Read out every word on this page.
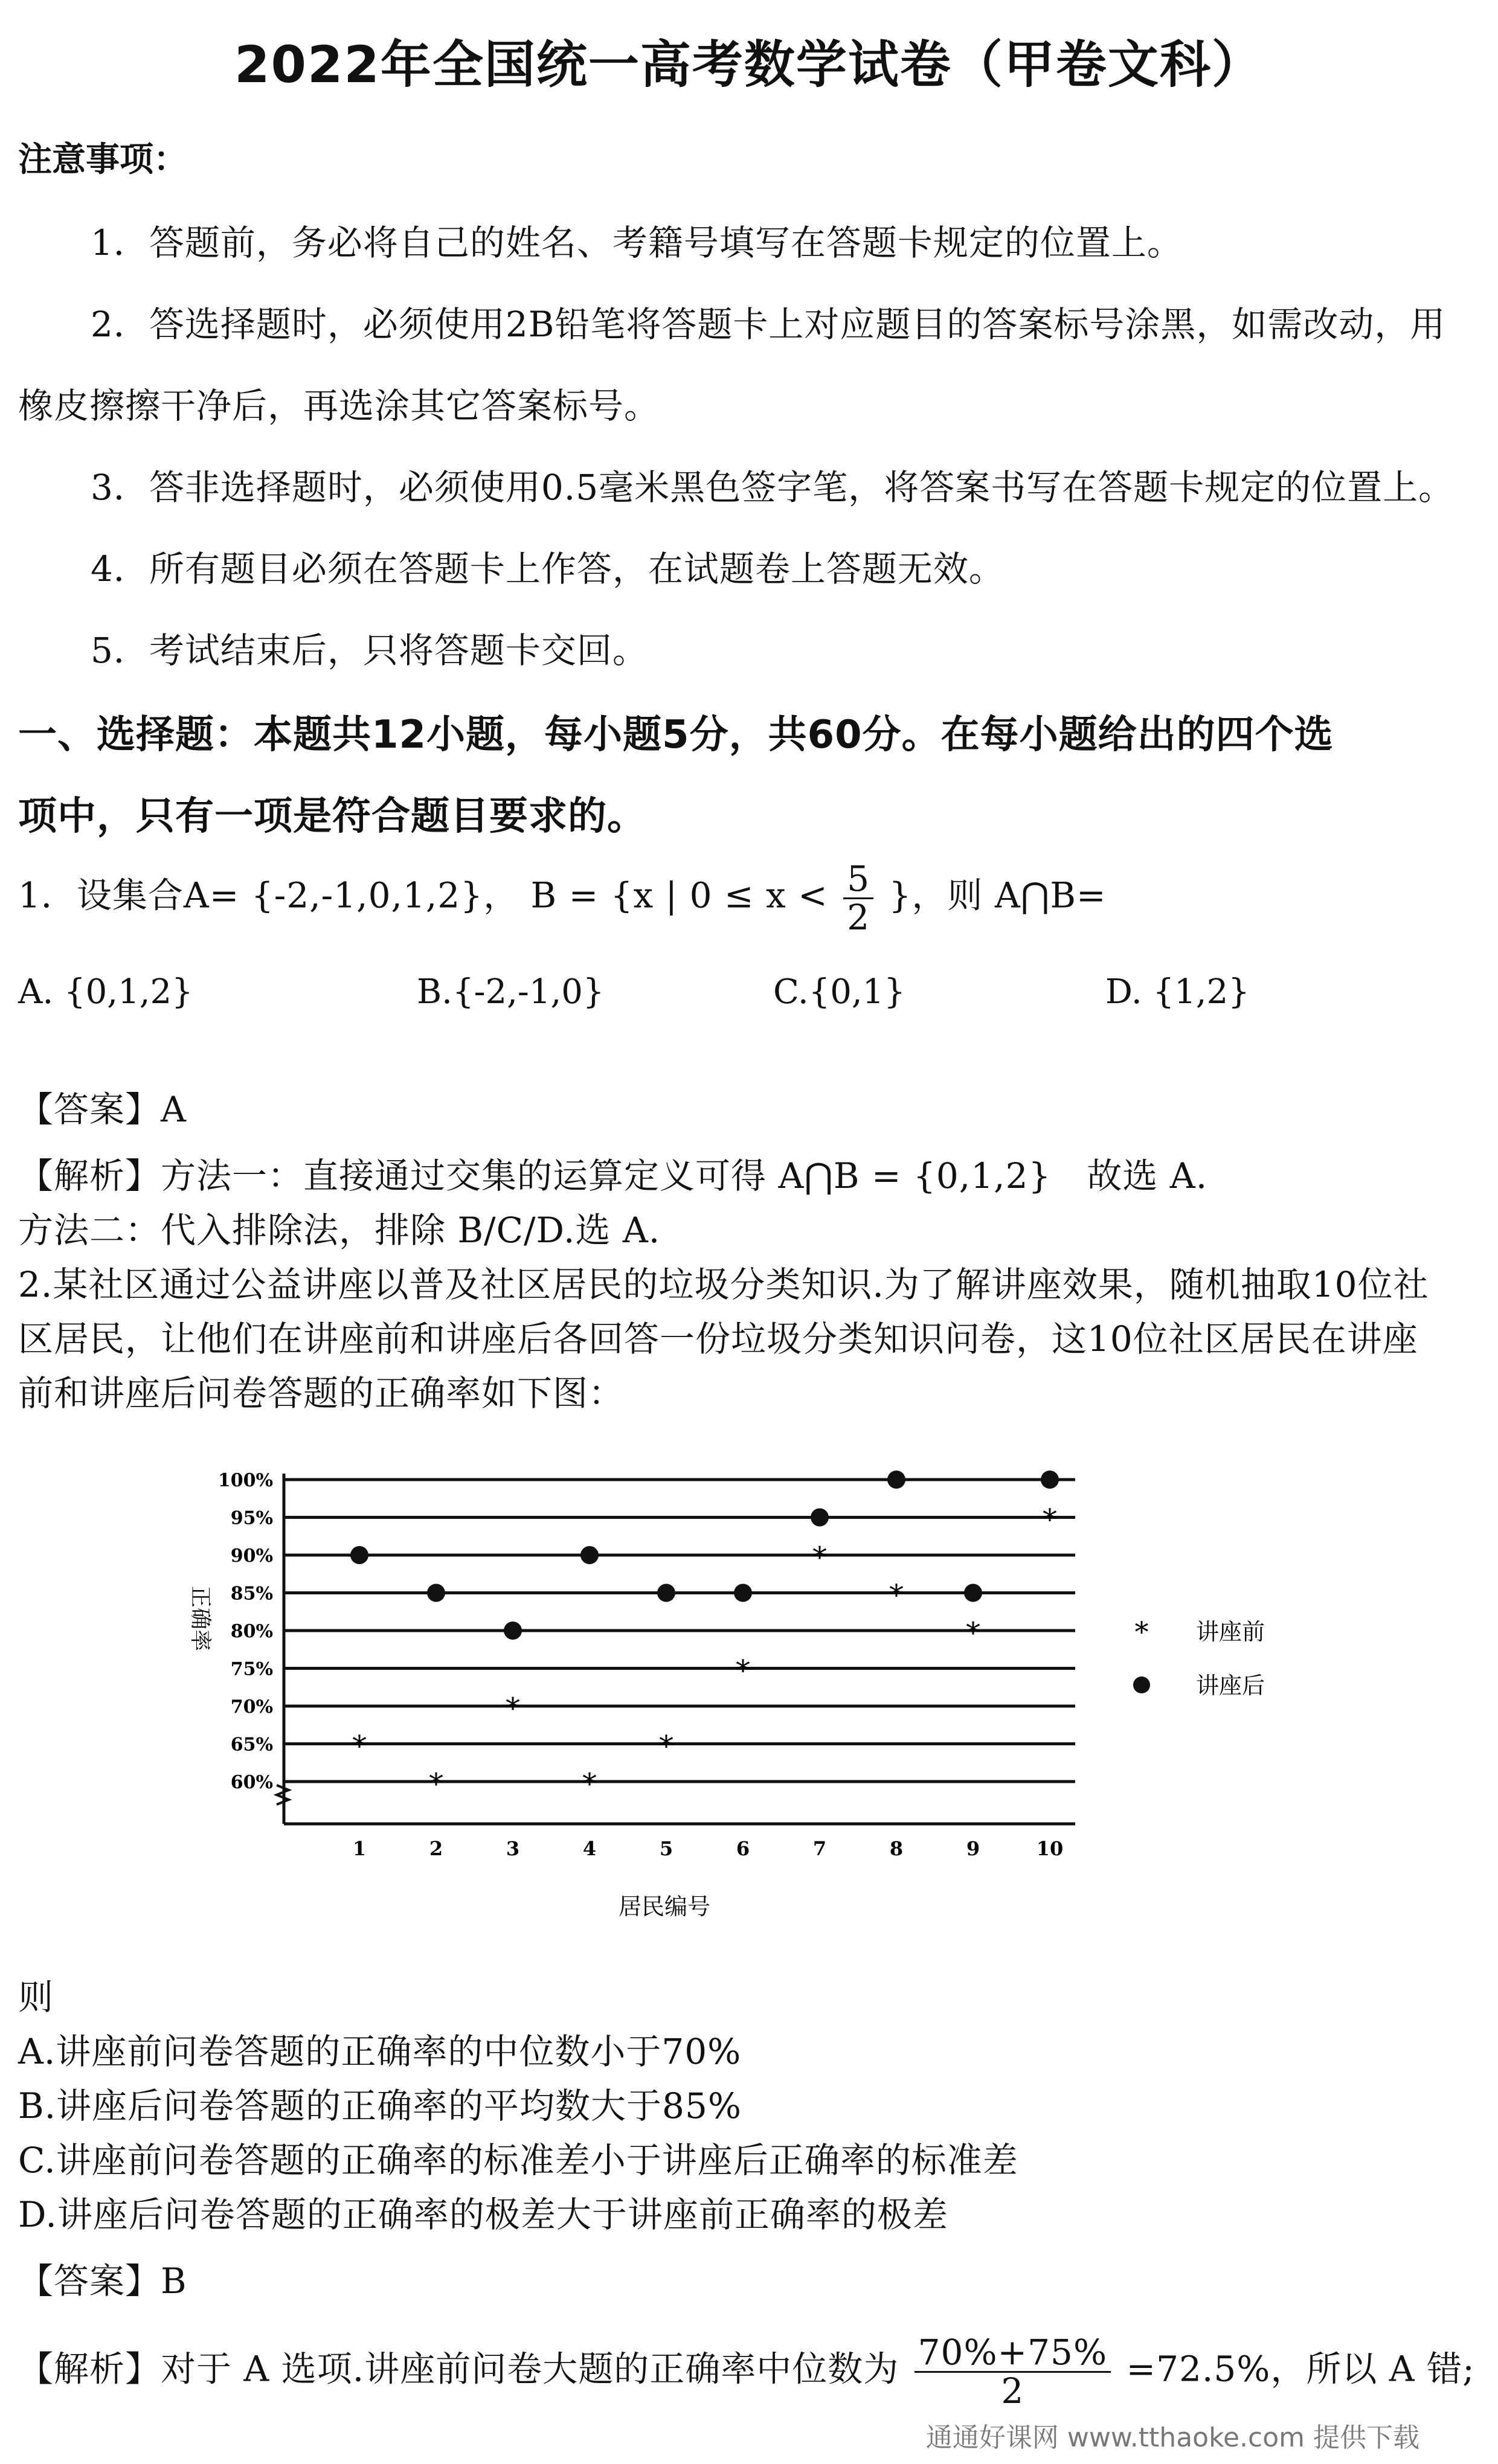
2022年全国统一高考数学试卷（甲卷文科）
注意事项：
1．答题前，务必将自己的姓名、考籍号填写在答题卡规定的位置上。
2．答选择题时，必须使用2B铅笔将答题卡上对应题目的答案标号涂黑，如需改动，用
橡皮擦擦干净后，再选涂其它答案标号。
3．答非选择题时，必须使用0.5毫米黑色签字笔，将答案书写在答题卡规定的位置上。
4．所有题目必须在答题卡上作答，在试题卷上答题无效。
5．考试结束后，只将答题卡交回。
一、选择题：本题共12小题，每小题5分，共60分。在每小题给出的四个选
项中，只有一项是符合题目要求的。
1．设集合A= {-2,-1,0,1,2}， B = {x | $0 \le x < \frac{5}{2}$ }，则 A⋂B=
A. {0,1,2}	B.{-2,-1,0}	C.{0,1}	D. {1,2}
【答案】A
【解析】方法一：直接通过交集的运算定义可得 A⋂B = {0,1,2}　故选 A.
方法二：代入排除法，排除 B/C/D.选 A.
2.某社区通过公益讲座以普及社区居民的垃圾分类知识.为了解讲座效果，随机抽取10位社
区居民，让他们在讲座前和讲座后各回答一份垃圾分类知识问卷，这10位社区居民在讲座
前和讲座后问卷答题的正确率如下图：
60%
65%
70%
75%
80%
85%
90%
95%
100%
1	2	3	4	5	6	7	8	9	10
*
*
*
*
*
*
*
*
*
*
正确率
居民编号
* 讲座前
讲座后
则
A.讲座前问卷答题的正确率的中位数小于70%
B.讲座后问卷答题的正确率的平均数大于85%
C.讲座前问卷答题的正确率的标准差小于讲座后正确率的标准差
D.讲座后问卷答题的正确率的极差大于讲座前正确率的极差
【答案】B
【解析】对于 A 选项.讲座前问卷大题的正确率中位数为 $\frac{70\%+75\%}{2} =72.5\%$，所以 A 错;
通通好课网 www.tthaoke.com 提供下载
